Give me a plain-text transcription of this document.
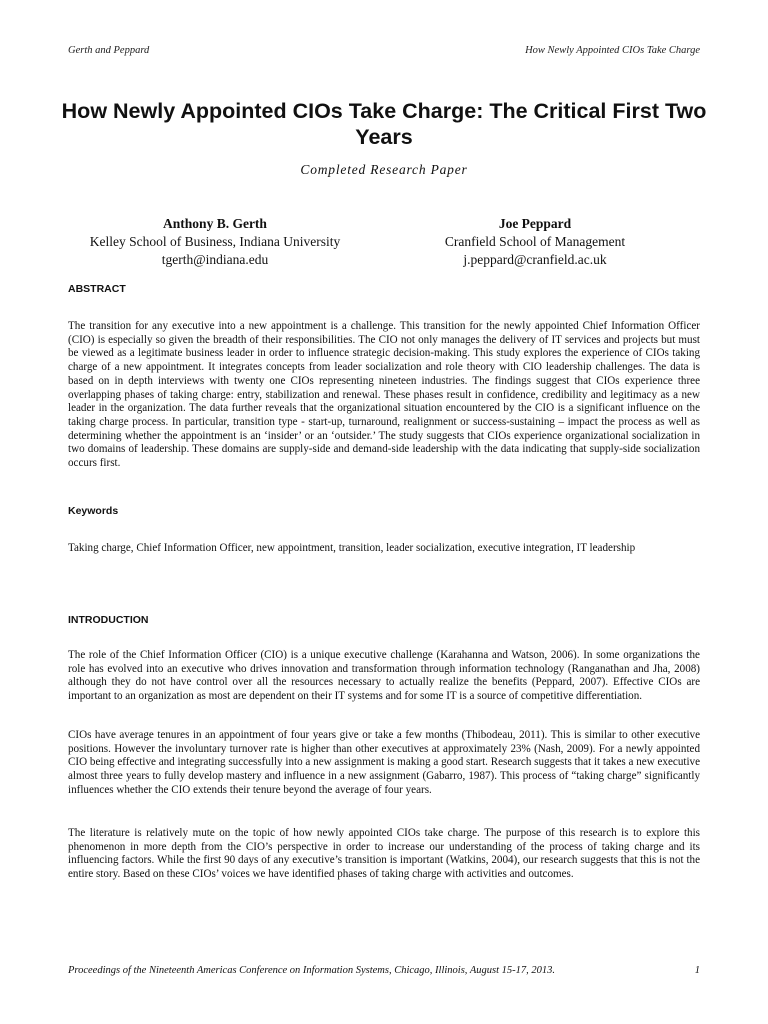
Gerth and Peppard	How Newly Appointed CIOs Take Charge
How Newly Appointed CIOs Take Charge: The Critical First Two Years
Completed Research Paper
Anthony B. Gerth
Kelley School of Business, Indiana University
tgerth@indiana.edu
Joe Peppard
Cranfield School of Management
j.peppard@cranfield.ac.uk
ABSTRACT

The transition for any executive into a new appointment is a challenge. This transition for the newly appointed Chief Information Officer (CIO) is especially so given the breadth of their responsibilities. The CIO not only manages the delivery of IT services and projects but must be viewed as a legitimate business leader in order to influence strategic decision-making. This study explores the experience of CIOs taking charge of a new appointment. It integrates concepts from leader socialization and role theory with CIO leadership challenges. The data is based on in depth interviews with twenty one CIOs representing nineteen industries. The findings suggest that CIOs experience three overlapping phases of taking charge: entry, stabilization and renewal. These phases result in confidence, credibility and legitimacy as a new leader in the organization. The data further reveals that the organizational situation encountered by the CIO is a significant influence on the taking charge process. In particular, transition type - start-up, turnaround, realignment or success-sustaining – impact the process as well as determining whether the appointment is an ‘insider’ or an ‘outsider.’ The study suggests that CIOs experience organizational socialization in two domains of leadership. These domains are supply-side and demand-side leadership with the data indicating that supply-side socialization occurs first.

Keywords

Taking charge, Chief Information Officer, new appointment, transition, leader socialization, executive integration, IT leadership

INTRODUCTION

The role of the Chief Information Officer (CIO) is a unique executive challenge (Karahanna and Watson, 2006). In some organizations the role has evolved into an executive who drives innovation and transformation through information technology (Ranganathan and Jha, 2008) although they do not have control over all the resources necessary to actually realize the benefits (Peppard, 2007). Effective CIOs are important to an organization as most are dependent on their IT systems and for some IT is a source of competitive differentiation.

CIOs have average tenures in an appointment of four years give or take a few months (Thibodeau, 2011). This is similar to other executive positions. However the involuntary turnover rate is higher than other executives at approximately 23% (Nash, 2009). For a newly appointed CIO being effective and integrating successfully into a new assignment is making a good start. Research suggests that it takes a new executive almost three years to fully develop mastery and influence in a new assignment (Gabarro, 1987). This process of “taking charge” significantly influences whether the CIO extends their tenure beyond the average of four years.

The literature is relatively mute on the topic of how newly appointed CIOs take charge. The purpose of this research is to explore this phenomenon in more depth from the CIO’s perspective in order to increase our understanding of the process of taking charge and its influencing factors. While the first 90 days of any executive’s transition is important (Watkins, 2004), our research suggests that this is not the entire story. Based on these CIOs’ voices we have identified phases of taking charge with activities and outcomes.

Proceedings of the Nineteenth Americas Conference on Information Systems, Chicago, Illinois, August 15-17, 2013.	1
